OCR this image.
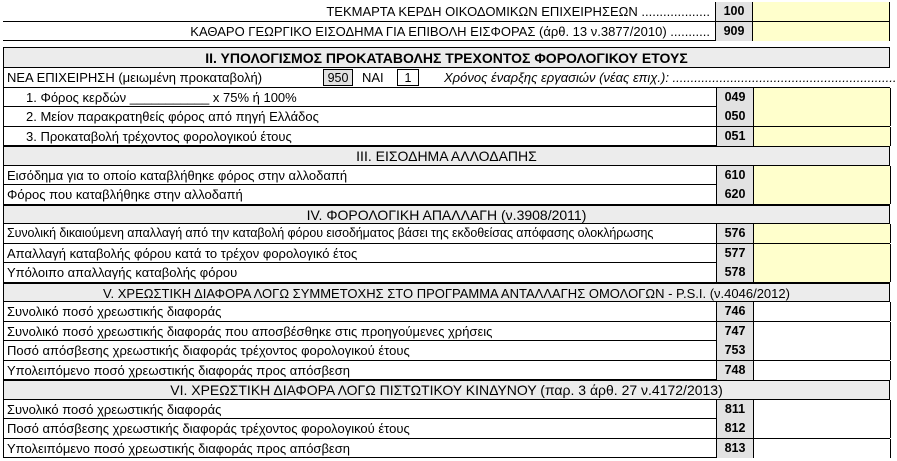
ΤΕΚΜΑΡΤΑ ΚΕΡΔΗ ΟΙΚΟΔΟΜΙΚΩΝ ΕΠΙΧΕΙΡΗΣΕΩΝ ...................	100
ΚΑΘΑΡΟ ΓΕΩΡΓΙΚΟ ΕΙΣΟΔΗΜΑ ΓΙΑ ΕΠΙΒΟΛΗ ΕΙΣΦΟΡΑΣ (άρθ. 13 ν.3877/2010) ...........	909
ΙΙ. ΥΠΟΛΟΓΙΣΜΟΣ ΠΡΟΚΑΤΑΒΟΛΗΣ ΤΡΕΧΟΝΤΟΣ ΦΟΡΟΛΟΓΙΚΟΥ ΕΤΟΥΣ
ΝΕΑ ΕΠΙΧΕΙΡΗΣΗ (μειωμένη προκαταβολή)	950	ΝΑΙ	1	Χρόνος έναρξης εργασιών (νέας επιχ.): ..............................................................
1. Φόρος κερδών ___________ x 75% ή 100%	049
2. Μείον παρακρατηθείς φόρος από πηγή Ελλάδος	050
3. Προκαταβολή τρέχοντος φορολογικού έτους	051
ΙΙΙ. ΕΙΣΟΔΗΜΑ ΑΛΛΟΔΑΠΗΣ
Εισόδημα για το οποίο καταβλήθηκε φόρος στην αλλοδαπή	610
Φόρος που καταβλήθηκε στην αλλοδαπή	620
IV. ΦΟΡΟΛΟΓΙΚΗ ΑΠΑΛΛΑΓΗ (ν.3908/2011)
Συνολική δικαιούμενη απαλλαγή από την καταβολή φόρου εισοδήματος βάσει της εκδοθείσας απόφασης ολοκλήρωσης	576
Απαλλαγή καταβολής φόρου κατά το τρέχον φορολογικό έτος	577
Υπόλοιπο απαλλαγής καταβολής φόρου	578
V. ΧΡΕΩΣΤΙΚΗ ΔΙΑΦΟΡΑ ΛΟΓΩ ΣΥΜΜΕΤΟΧΗΣ ΣΤΟ ΠΡΟΓΡΑΜΜΑ ΑΝΤΑΛΛΑΓΗΣ ΟΜΟΛΟΓΩΝ - P.S.I. (ν.4046/2012)
Συνολικό ποσό χρεωστικής διαφοράς	746
Συνολικό ποσό χρεωστικής διαφοράς που αποσβέσθηκε στις προηγούμενες χρήσεις	747
Ποσό απόσβεσης χρεωστικής διαφοράς τρέχοντος φορολογικού έτους	753
Υπολειπόμενο ποσό χρεωστικής διαφοράς προς απόσβεση	748
VI. ΧΡΕΩΣΤΙΚΗ ΔΙΑΦΟΡΑ ΛΟΓΩ ΠΙΣΤΩΤΙΚΟΥ ΚΙΝΔΥΝΟΥ (παρ. 3 άρθ. 27 ν.4172/2013)
Συνολικό ποσό χρεωστικής διαφοράς	811
Ποσό απόσβεσης χρεωστικής διαφοράς τρέχοντος φορολογικού έτους	812
Υπολειπόμενο ποσό χρεωστικής διαφοράς προς απόσβεση	813
